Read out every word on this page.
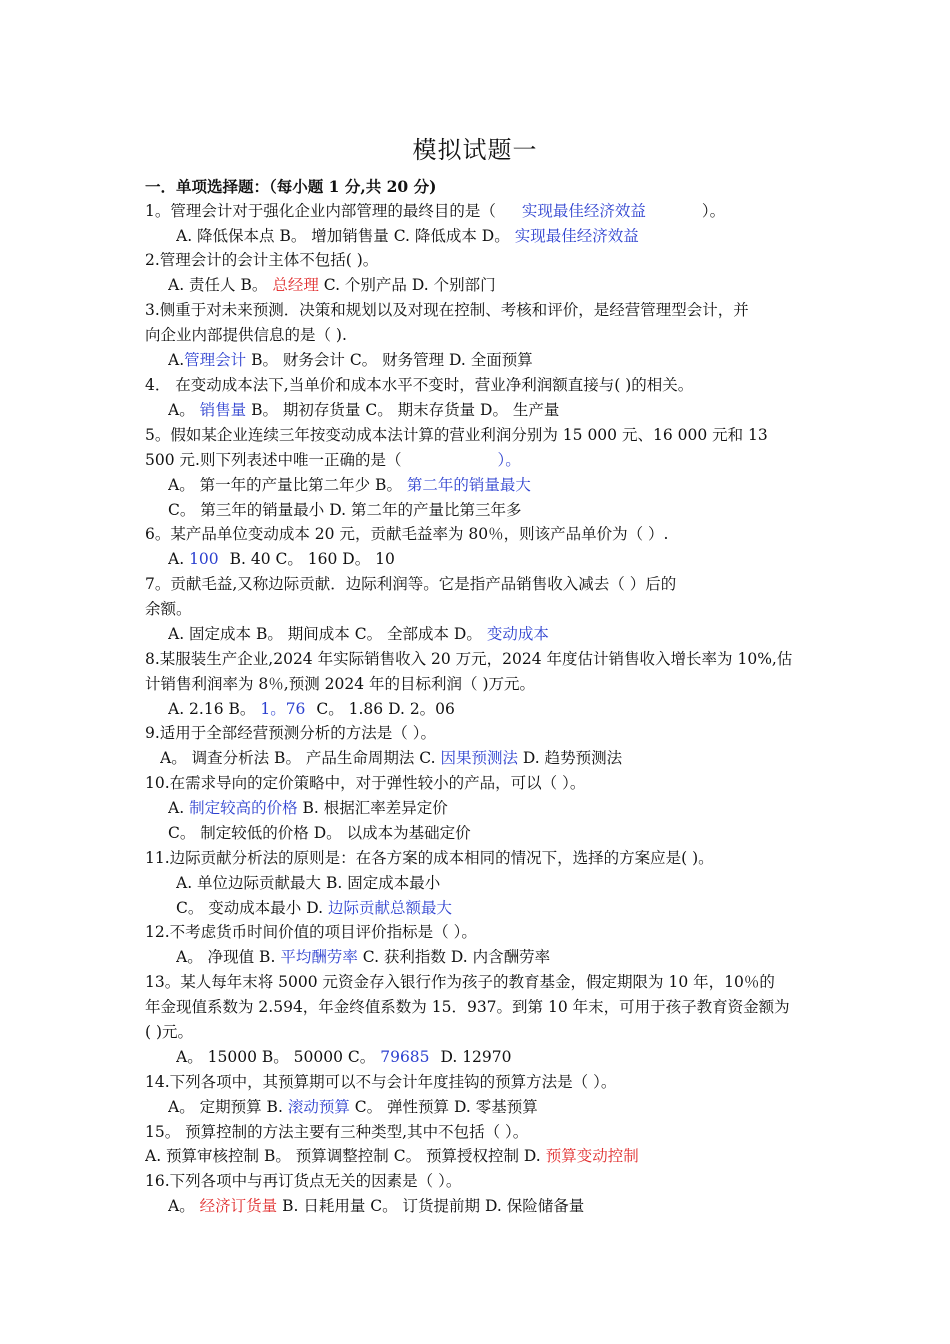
模拟试题一
一．单项选择题：（每小题 1 分,共 20 分)
1。管理会计对于强化企业内部管理的最终目的是（ 实现最佳经济效益	）。
A. 降低保本点 B。 增加销售量 C. 降低成本 D。 实现最佳经济效益
2.管理会计的会计主体不包括( )。
A. 责任人 B。 总经理 C. 个别产品 D. 个别部门
3.侧重于对未来预测．决策和规划以及对现在控制、考核和评价，是经营管理型会计，并
向企业内部提供信息的是（ ).
A.管理会计 B。 财务会计 C。 财务管理 D. 全面预算
4． 在变动成本法下,当单价和成本水平不变时，营业净利润额直接与( )的相关。
A。 销售量 B。 期初存货量 C。 期末存货量 D。 生产量
5。假如某企业连续三年按变动成本法计算的营业利润分别为 15 000 元、16 000 元和 13
500 元.则下列表述中唯一正确的是（	）。
A。 第一年的产量比第二年少 B。 第二年的销量最大
C。 第三年的销量最小 D. 第二年的产量比第三年多
6。某产品单位变动成本 20 元，贡献毛益率为 80％，则该产品单价为（ ）.
A. 100 B. 40 C。 160 D。 10
7。贡献毛益,又称边际贡献．边际利润等。它是指产品销售收入减去（ ）后的
余额。
A. 固定成本 B。 期间成本 C。 全部成本 D。 变动成本
8.某服装生产企业,2024 年实际销售收入 20 万元，2024 年度估计销售收入增长率为 10%,估
计销售利润率为 8％,预测 2024 年的目标利润（ )万元。
A. 2.16 B。 1。76 C。 1.86 D. 2。06
9.适用于全部经营预测分析的方法是（ ）。
A。 调查分析法 B。 产品生命周期法 C. 因果预测法 D. 趋势预测法
10.在需求导向的定价策略中，对于弹性较小的产品，可以（ ）。
A. 制定较高的价格 B. 根据汇率差异定价
C。 制定较低的价格 D。 以成本为基础定价
11.边际贡献分析法的原则是：在各方案的成本相同的情况下，选择的方案应是( )。
A. 单位边际贡献最大 B. 固定成本最小
C。 变动成本最小 D. 边际贡献总额最大
12.不考虑货币时间价值的项目评价指标是（ ）。
A。 净现值 B. 平均酬劳率 C. 获利指数 D. 内含酬劳率
13。某人每年末将 5000 元资金存入银行作为孩子的教育基金，假定期限为 10 年，10％的
年金现值系数为 2.594，年金终值系数为 15．937。到第 10 年末，可用于孩子教育资金额为
( )元。
A。 15000 B。 50000 C。 79685 D. 12970
14.下列各项中，其预算期可以不与会计年度挂钩的预算方法是（ ）。
A。 定期预算 B. 滚动预算 C。 弹性预算 D. 零基预算
15。 预算控制的方法主要有三种类型,其中不包括（ ）。
A. 预算审核控制 B。 预算调整控制 C。 预算授权控制 D. 预算变动控制
16.下列各项中与再订货点无关的因素是（ ）。
A。 经济订货量 B. 日耗用量 C。 订货提前期 D. 保险储备量
